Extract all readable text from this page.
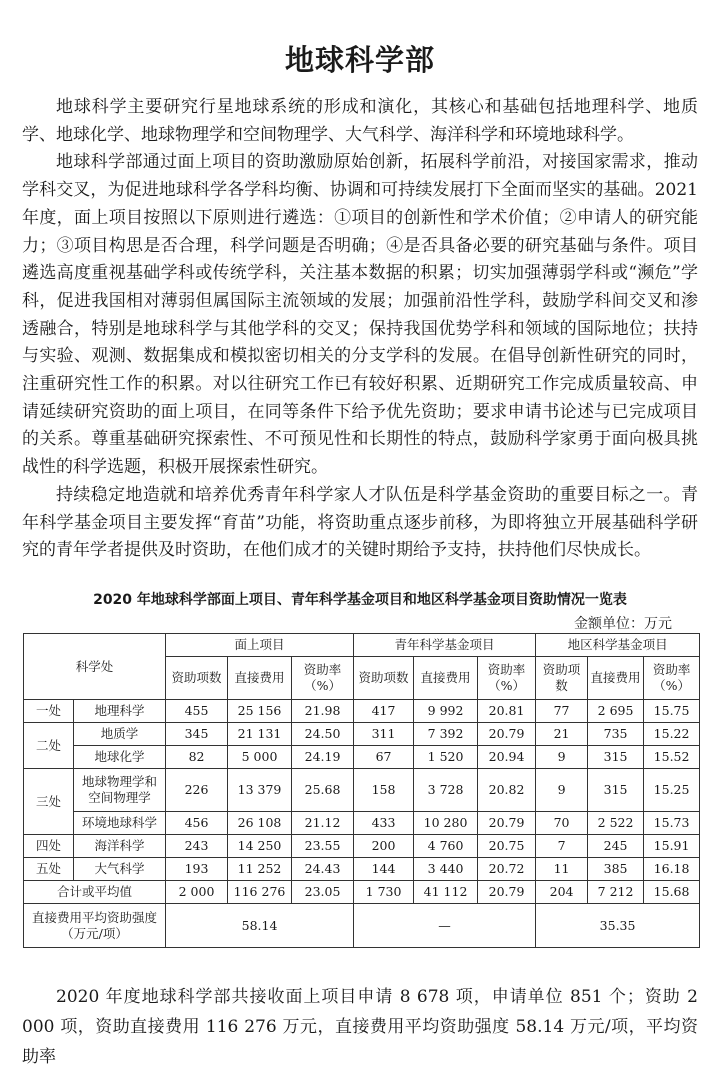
地球科学部

地球科学主要研究行星地球系统的形成和演化，其核心和基础包括地理科学、地质学、地球化学、地球物理学和空间物理学、大气科学、海洋科学和环境地球科学。

地球科学部通过面上项目的资助激励原始创新，拓展科学前沿，对接国家需求，推动学科交叉，为促进地球科学各学科均衡、协调和可持续发展打下全面而坚实的基础。2021 年度，面上项目按照以下原则进行遴选：①项目的创新性和学术价值；②申请人的研究能力；③项目构思是否合理，科学问题是否明确；④是否具备必要的研究基础与条件。项目遴选高度重视基础学科或传统学科，关注基本数据的积累；切实加强薄弱学科或“濒危”学科，促进我国相对薄弱但属国际主流领域的发展；加强前沿性学科，鼓励学科间交叉和渗透融合，特别是地球科学与其他学科的交叉；保持我国优势学科和领域的国际地位；扶持与实验、观测、数据集成和模拟密切相关的分支学科的发展。在倡导创新性研究的同时，注重研究性工作的积累。对以往研究工作已有较好积累、近期研究工作完成质量较高、申请延续研究资助的面上项目，在同等条件下给予优先资助；要求申请书论述与已完成项目的关系。尊重基础研究探索性、不可预见性和长期性的特点，鼓励科学家勇于面向极具挑战性的科学选题，积极开展探索性研究。

持续稳定地造就和培养优秀青年科学家人才队伍是科学基金资助的重要目标之一。青年科学基金项目主要发挥“育苗”功能，将资助重点逐步前移，为即将独立开展基础科学研究的青年学者提供及时资助，在他们成才的关键时期给予支持，扶持他们尽快成长。

2020 年地球科学部面上项目、青年科学基金项目和地区科学基金项目资助情况一览表
金额单位：万元
科学处		面上项目			青年科学基金项目			地区科学基金项目		
		资助项数	直接费用	资助率（%）	资助项数	直接费用	资助率（%）	资助项数	直接费用	资助率（%）
一处	地理科学	455	25 156	21.98	417	9 992	20.81	77	2 695	15.75
二处	地质学	345	21 131	24.50	311	7 392	20.79	21	735	15.22
	地球化学	82	5 000	24.19	67	1 520	20.94	9	315	15.52
三处	地球物理学和空间物理学	226	13 379	25.68	158	3 728	20.82	9	315	15.25
	环境地球科学	456	26 108	21.12	433	10 280	20.79	70	2 522	15.73
四处	海洋科学	243	14 250	23.55	200	4 760	20.75	7	245	15.91
五处	大气科学	193	11 252	24.43	144	3 440	20.72	11	385	16.18
合计或平均值		2 000	116 276	23.05	1 730	41 112	20.79	204	7 212	15.68
直接费用平均资助强度（万元/项）		58.14			—			35.35		

2020 年度地球科学部共接收面上项目申请 8 678 项，申请单位 851 个；资助 2 000 项，资助直接费用 116 276 万元，直接费用平均资助强度 58.14 万元/项，平均资助率
